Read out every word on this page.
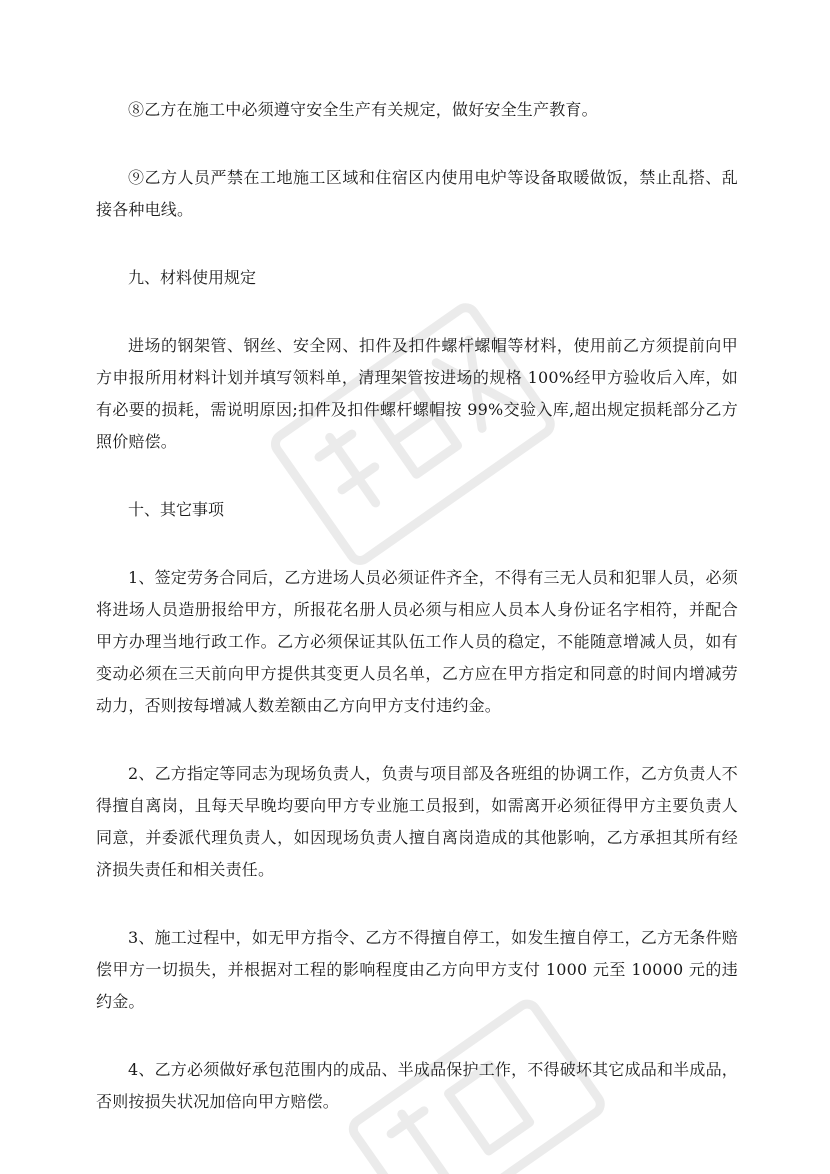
⑧乙方在施工中必须遵守安全生产有关规定，做好安全生产教育。

⑨乙方人员严禁在工地施工区域和住宿区内使用电炉等设备取暖做饭，禁止乱搭、乱接各种电线。

九、材料使用规定

进场的钢架管、钢丝、安全网、扣件及扣件螺杆螺帽等材料，使用前乙方须提前向甲方申报所用材料计划并填写领料单，清理架管按进场的规格 100%经甲方验收后入库，如有必要的损耗，需说明原因;扣件及扣件螺杆螺帽按 99%交验入库,超出规定损耗部分乙方照价赔偿。

十、其它事项

1、签定劳务合同后，乙方进场人员必须证件齐全，不得有三无人员和犯罪人员，必须将进场人员造册报给甲方，所报花名册人员必须与相应人员本人身份证名字相符，并配合甲方办理当地行政工作。乙方必须保证其队伍工作人员的稳定，不能随意增减人员，如有变动必须在三天前向甲方提供其变更人员名单，乙方应在甲方指定和同意的时间内增减劳动力，否则按每增减人数差额由乙方向甲方支付违约金。

2、乙方指定等同志为现场负责人，负责与项目部及各班组的协调工作，乙方负责人不得擅自离岗，且每天早晚均要向甲方专业施工员报到，如需离开必须征得甲方主要负责人同意，并委派代理负责人，如因现场负责人擅自离岗造成的其他影响，乙方承担其所有经济损失责任和相关责任。

3、施工过程中，如无甲方指令、乙方不得擅自停工，如发生擅自停工，乙方无条件赔偿甲方一切损失，并根据对工程的影响程度由乙方向甲方支付 1000 元至 10000 元的违约金。

4、乙方必须做好承包范围内的成品、半成品保护工作，不得破坏其它成品和半成品，否则按损失状况加倍向甲方赔偿。
